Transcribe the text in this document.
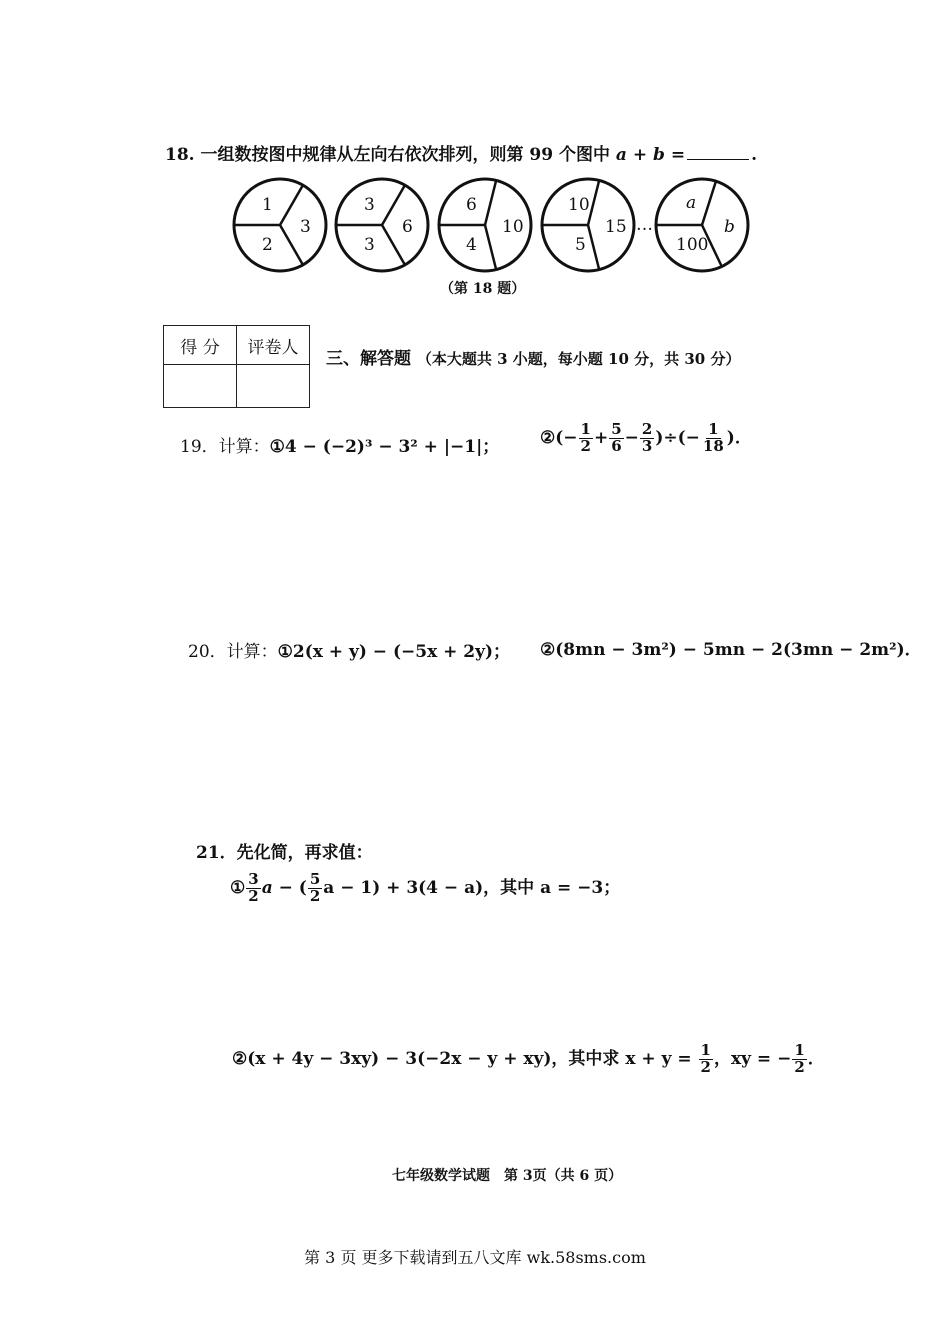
18. 一组数按图中规律从左向右依次排列，则第 99 个图中 a + b =	.
1
2
3
3
3
6
6
4
10
10
5
15 …
a
100
b
（第 18 题）
得 分	评卷人

三、解答题 （本大题共 3 小题，每小题 10 分，共 30 分）
19．计算：①4 − (−2)³ − 3² + |−1|； ②(− $\frac{1}{2} + \frac{5}{6} - \frac{2}{3}$ )÷(− $\frac{1}{18}$ )．
20．计算：①2(x + y) − (−5x + 2y)； ②(8mn − 3m²) − 5mn − 2(3mn − 2m²)．
21．先化简，再求值：
① $\frac{3}{2}$ a − ( $\frac{5}{2}$ a − 1) + 3(4 − a)，其中 a = −3；
②(x + 4y − 3xy) − 3(−2x − y + xy)，其中求 $x + y = \frac{1}{2}$ ，xy = − $\frac{1}{2}$ ．
七年级数学试题　第 3页（共 6 页）
第 3 页 更多下载请到五八文库 wk.58sms.com
